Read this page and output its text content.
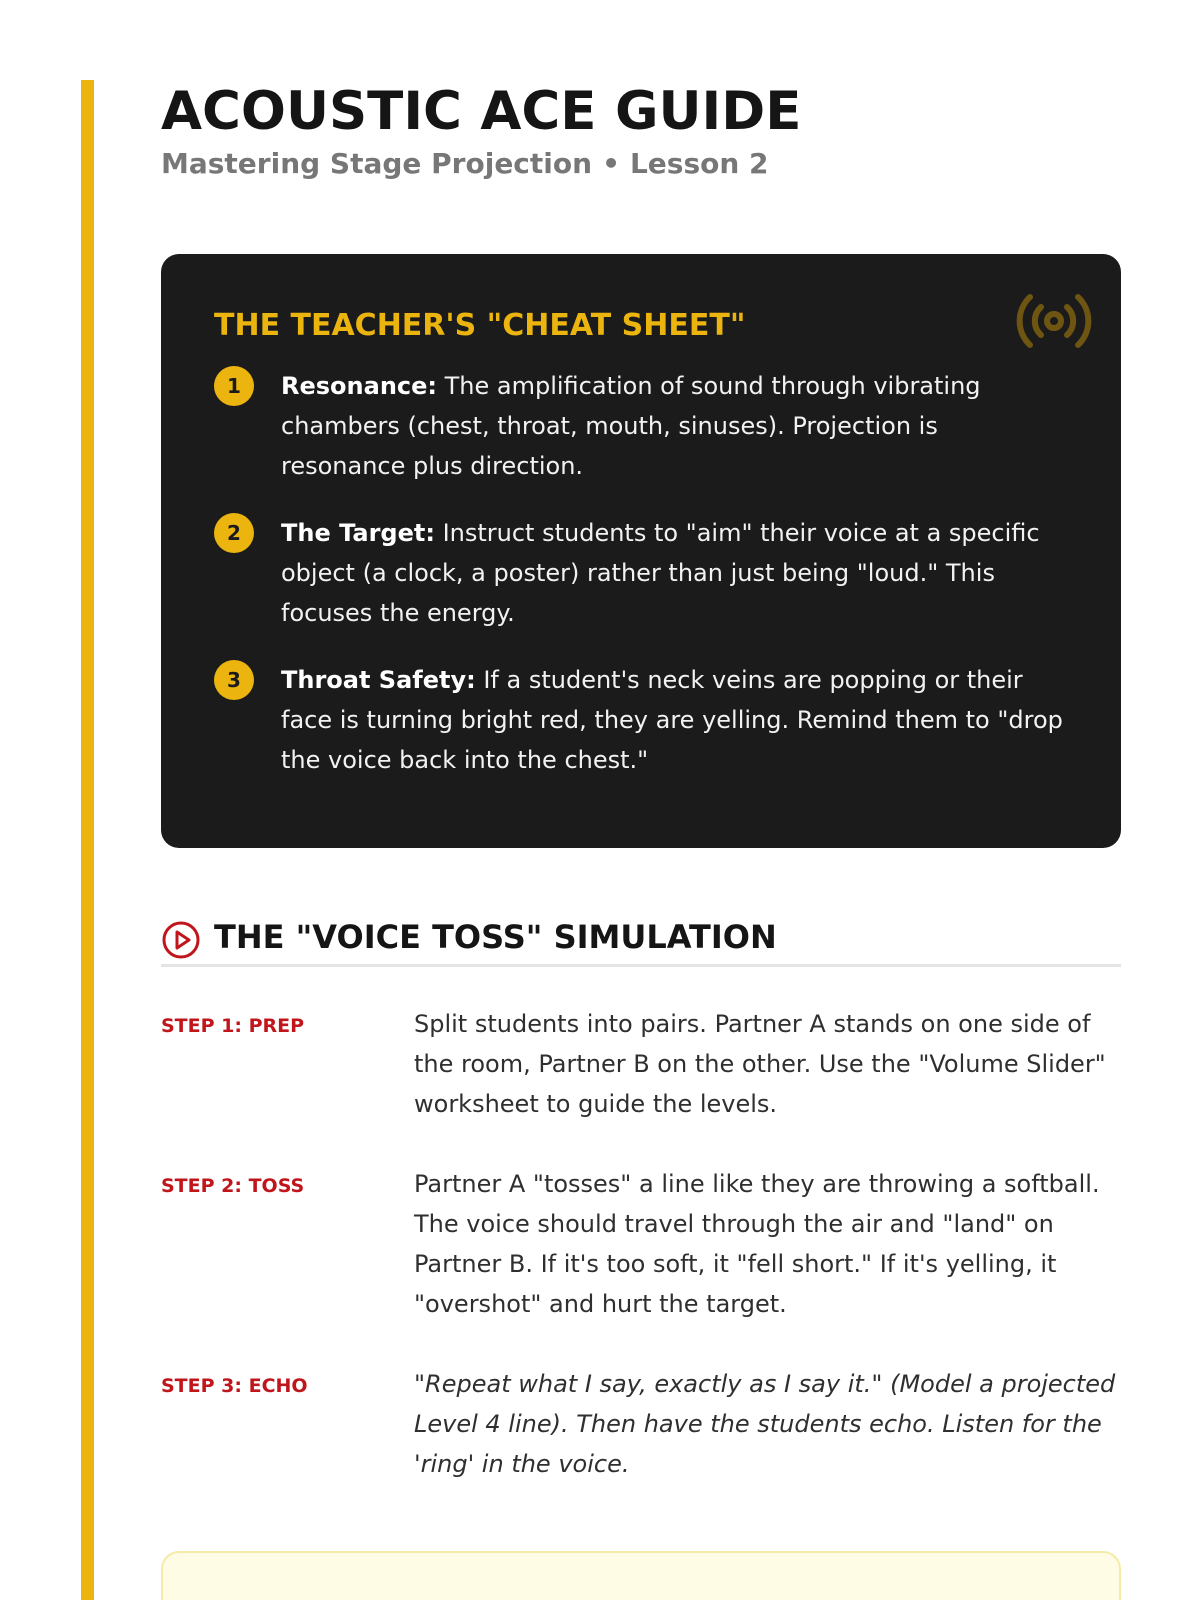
ACOUSTIC ACE GUIDE
Mastering Stage Projection • Lesson 2
THE TEACHER'S "CHEAT SHEET"
1	Resonance: The amplification of sound through vibrating chambers (chest, throat, mouth, sinuses). Projection is resonance plus direction.
2	The Target: Instruct students to "aim" their voice at a specific object (a clock, a poster) rather than just being "loud." This focuses the energy.
3	Throat Safety: If a student's neck veins are popping or their face is turning bright red, they are yelling. Remind them to "drop the voice back into the chest."
THE "VOICE TOSS" SIMULATION
STEP 1: PREP	Split students into pairs. Partner A stands on one side of the room, Partner B on the other. Use the "Volume Slider" worksheet to guide the levels.
STEP 2: TOSS	Partner A "tosses" a line like they are throwing a softball. The voice should travel through the air and "land" on Partner B. If it's too soft, it "fell short." If it's yelling, it "overshot" and hurt the target.
STEP 3: ECHO	"Repeat what I say, exactly as I say it." (Model a projected Level 4 line). Then have the students echo. Listen for the 'ring' in the voice.
